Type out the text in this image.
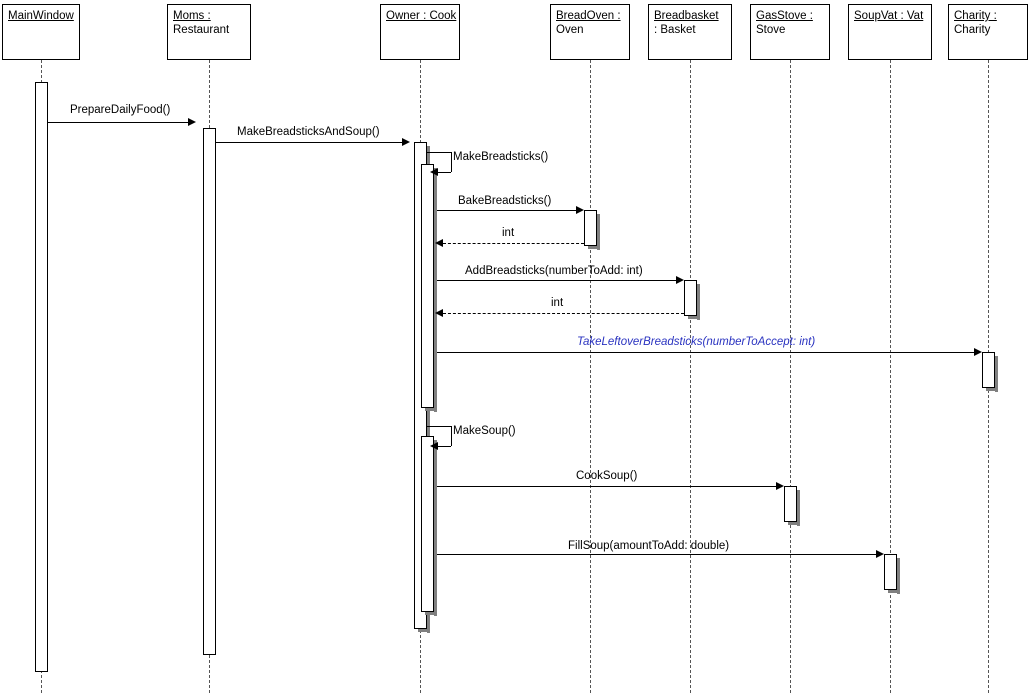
MainWindow	Moms :
Restaurant
Owner : Cook	BreadOven :
Oven
Breadbasket
: Basket
GasStove :
Stove
SoupVat : Vat	Charity :
Charity
PrepareDailyFood()
MakeBreadsticksAndSoup()
MakeBreadsticks()
BakeBreadsticks()
int
AddBreadsticks(numberToAdd: int)
int
TakeLeftoverBreadsticks(numberToAccept: int)
MakeSoup()
CookSoup()
FillSoup(amountToAdd: double)
